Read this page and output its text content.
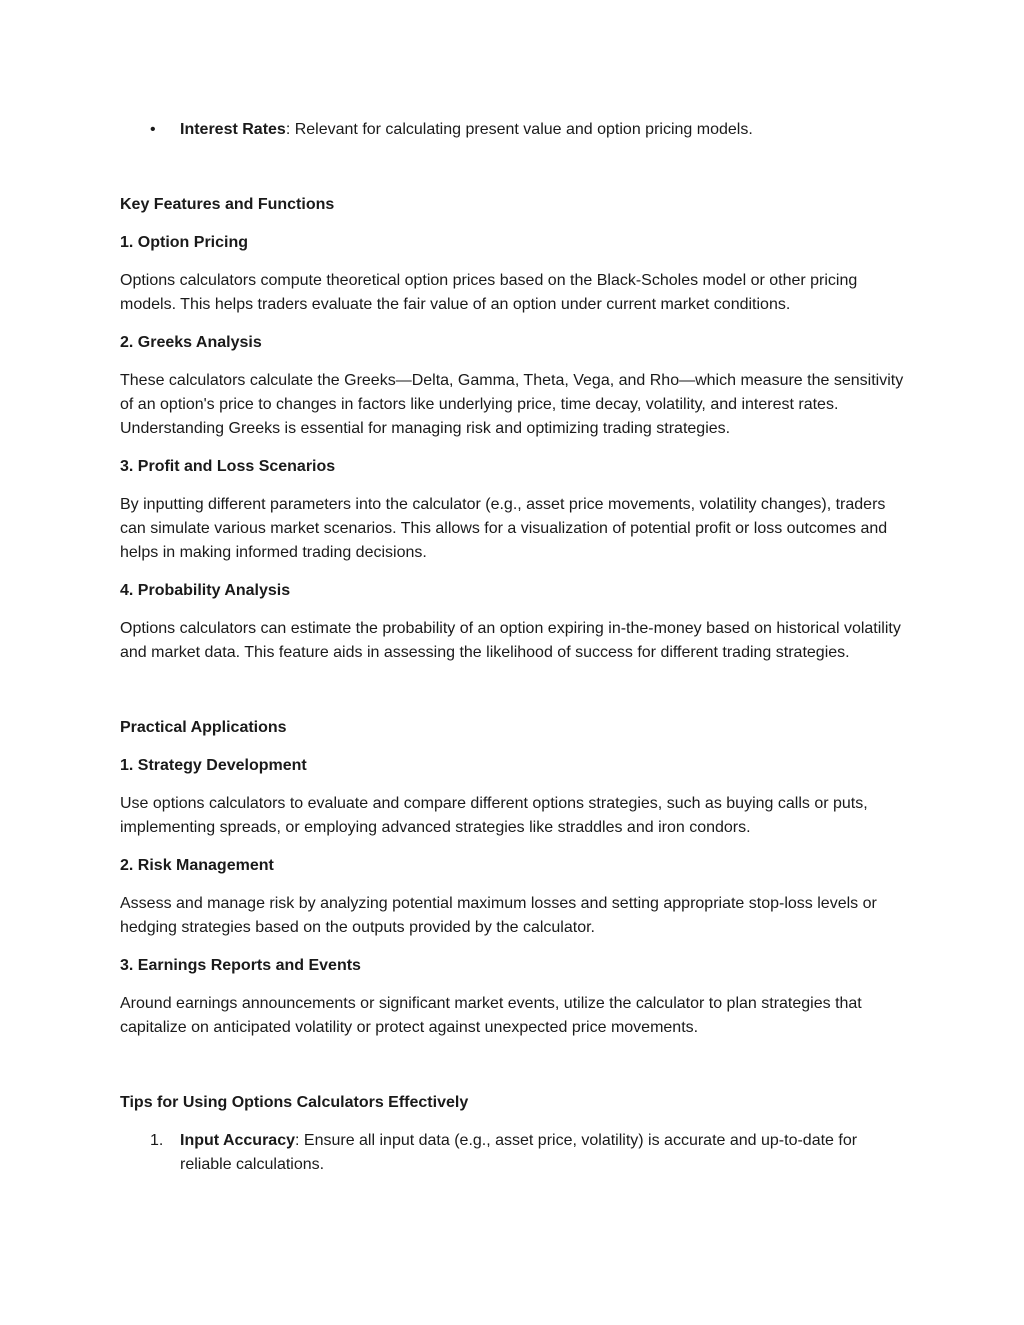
• Interest Rates: Relevant for calculating present value and option pricing models.

Key Features and Functions

1. Option Pricing

Options calculators compute theoretical option prices based on the Black-Scholes model or other pricing models. This helps traders evaluate the fair value of an option under current market conditions.

2. Greeks Analysis

These calculators calculate the Greeks—Delta, Gamma, Theta, Vega, and Rho—which measure the sensitivity of an option's price to changes in factors like underlying price, time decay, volatility, and interest rates. Understanding Greeks is essential for managing risk and optimizing trading strategies.

3. Profit and Loss Scenarios

By inputting different parameters into the calculator (e.g., asset price movements, volatility changes), traders can simulate various market scenarios. This allows for a visualization of potential profit or loss outcomes and helps in making informed trading decisions.

4. Probability Analysis

Options calculators can estimate the probability of an option expiring in-the-money based on historical volatility and market data. This feature aids in assessing the likelihood of success for different trading strategies.

Practical Applications

1. Strategy Development

Use options calculators to evaluate and compare different options strategies, such as buying calls or puts, implementing spreads, or employing advanced strategies like straddles and iron condors.

2. Risk Management

Assess and manage risk by analyzing potential maximum losses and setting appropriate stop-loss levels or hedging strategies based on the outputs provided by the calculator.

3. Earnings Reports and Events

Around earnings announcements or significant market events, utilize the calculator to plan strategies that capitalize on anticipated volatility or protect against unexpected price movements.

Tips for Using Options Calculators Effectively

1. Input Accuracy: Ensure all input data (e.g., asset price, volatility) is accurate and up-to-date for reliable calculations.
